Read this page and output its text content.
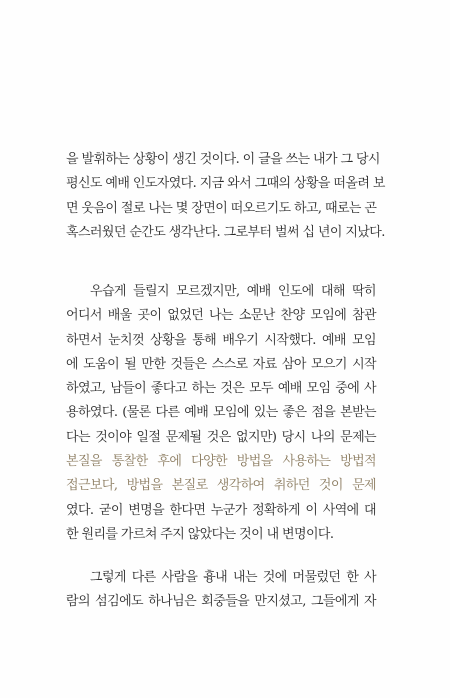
을 발휘하는 상황이 생긴 것이다. 이 글을 쓰는 내가 그 당시
평신도 예배 인도자였다. 지금 와서 그때의 상황을 떠올려 보
면 웃음이 절로 나는 몇 장면이 떠오르기도 하고, 때로는 곤
혹스러웠던 순간도 생각난다. 그로부터 벌써 십 년이 지났다.
우습게 들릴지 모르겠지만, 예배 인도에 대해 딱히
어디서 배울 곳이 없었던 나는 소문난 찬양 모임에 참관
하면서 눈치껏 상황을 통해 배우기 시작했다. 예배 모임
에 도움이 될 만한 것들은 스스로 자료 삼아 모으기 시작
하였고, 남들이 좋다고 하는 것은 모두 예배 모임 중에 사
용하였다. (물론 다른 예배 모임에 있는 좋은 점을 본받는
다는 것이야 일절 문제될 것은 없지만) 당시 나의 문제는
본질을 통찰한 후에 다양한 방법을 사용하는 방법적
접근보다, 방법을 본질로 생각하여 취하던 것이 문제
였다. 굳이 변명을 한다면 누군가 정확하게 이 사역에 대
한 원리를 가르쳐 주지 않았다는 것이 내 변명이다.
그렇게 다른 사람을 흉내 내는 것에 머물렀던 한 사
람의 섬김에도 하나님은 회중들을 만지셨고, 그들에게 자
